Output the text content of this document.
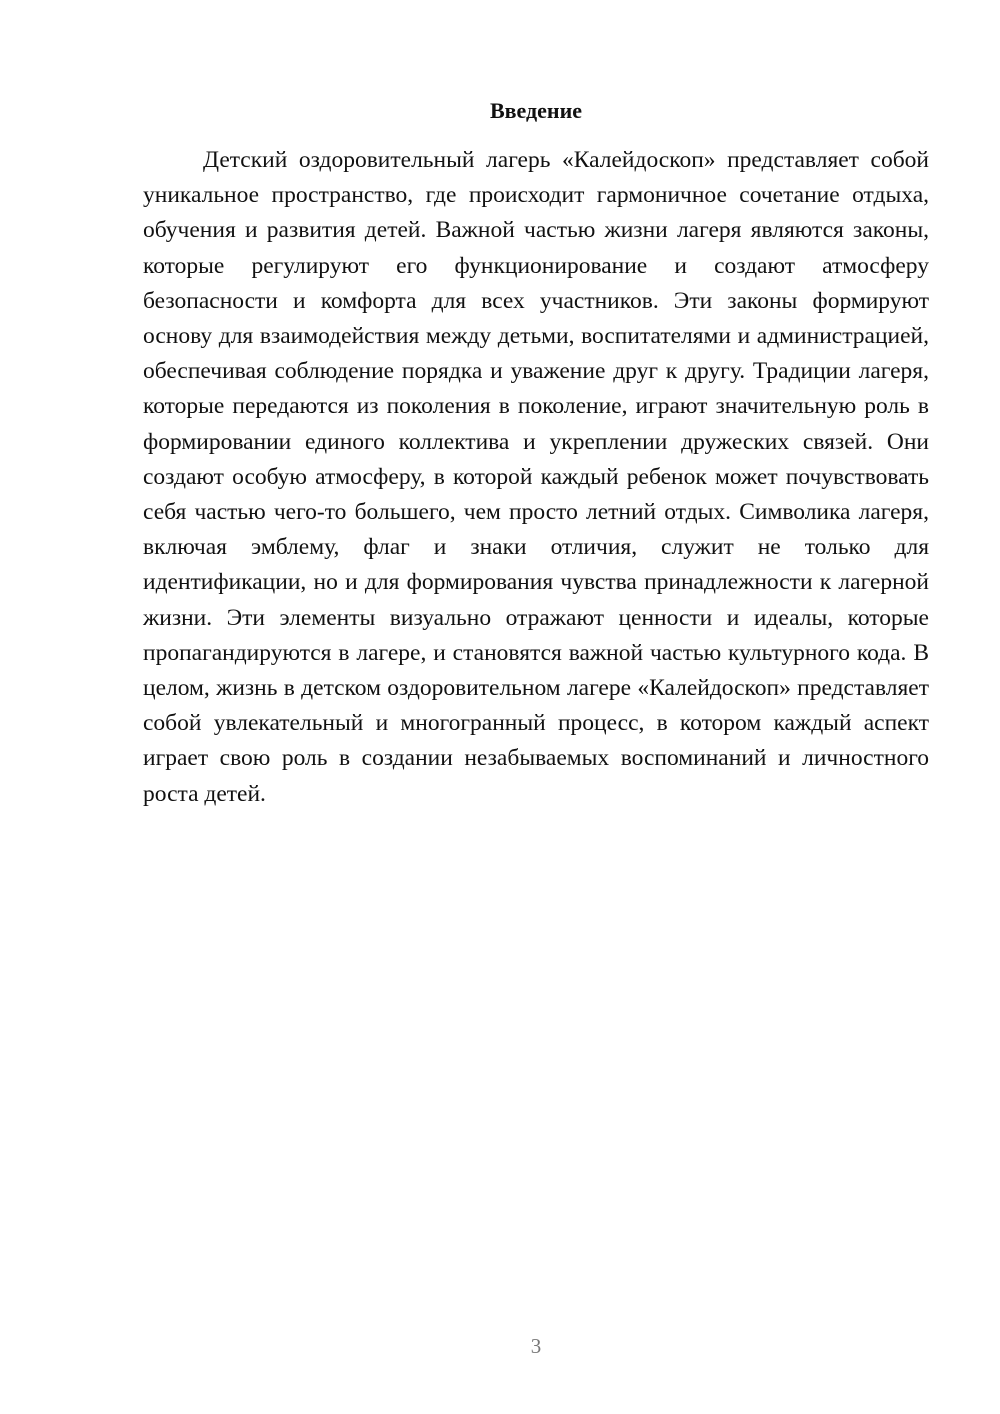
Введение

Детский оздоровительный лагерь «Калейдоскоп» представляет собой уникальное пространство, где происходит гармоничное сочетание отдыха, обучения и развития детей. Важной частью жизни лагеря являются законы, которые регулируют его функционирование и создают атмосферу безопасности и комфорта для всех участников. Эти законы формируют основу для взаимодействия между детьми, воспитателями и администрацией, обеспечивая соблюдение порядка и уважение друг к другу. Традиции лагеря, которые передаются из поколения в поколение, играют значительную роль в формировании единого коллектива и укреплении дружеских связей. Они создают особую атмосферу, в которой каждый ребенок может почувствовать себя частью чего-то большего, чем просто летний отдых. Символика лагеря, включая эмблему, флаг и знаки отличия, служит не только для идентификации, но и для формирования чувства принадлежности к лагерной жизни. Эти элементы визуально отражают ценности и идеалы, которые пропагандируются в лагере, и становятся важной частью культурного кода. В целом, жизнь в детском оздоровительном лагере «Калейдоскоп» представляет собой увлекательный и многогранный процесс, в котором каждый аспект играет свою роль в создании незабываемых воспоминаний и личностного роста детей.

3
